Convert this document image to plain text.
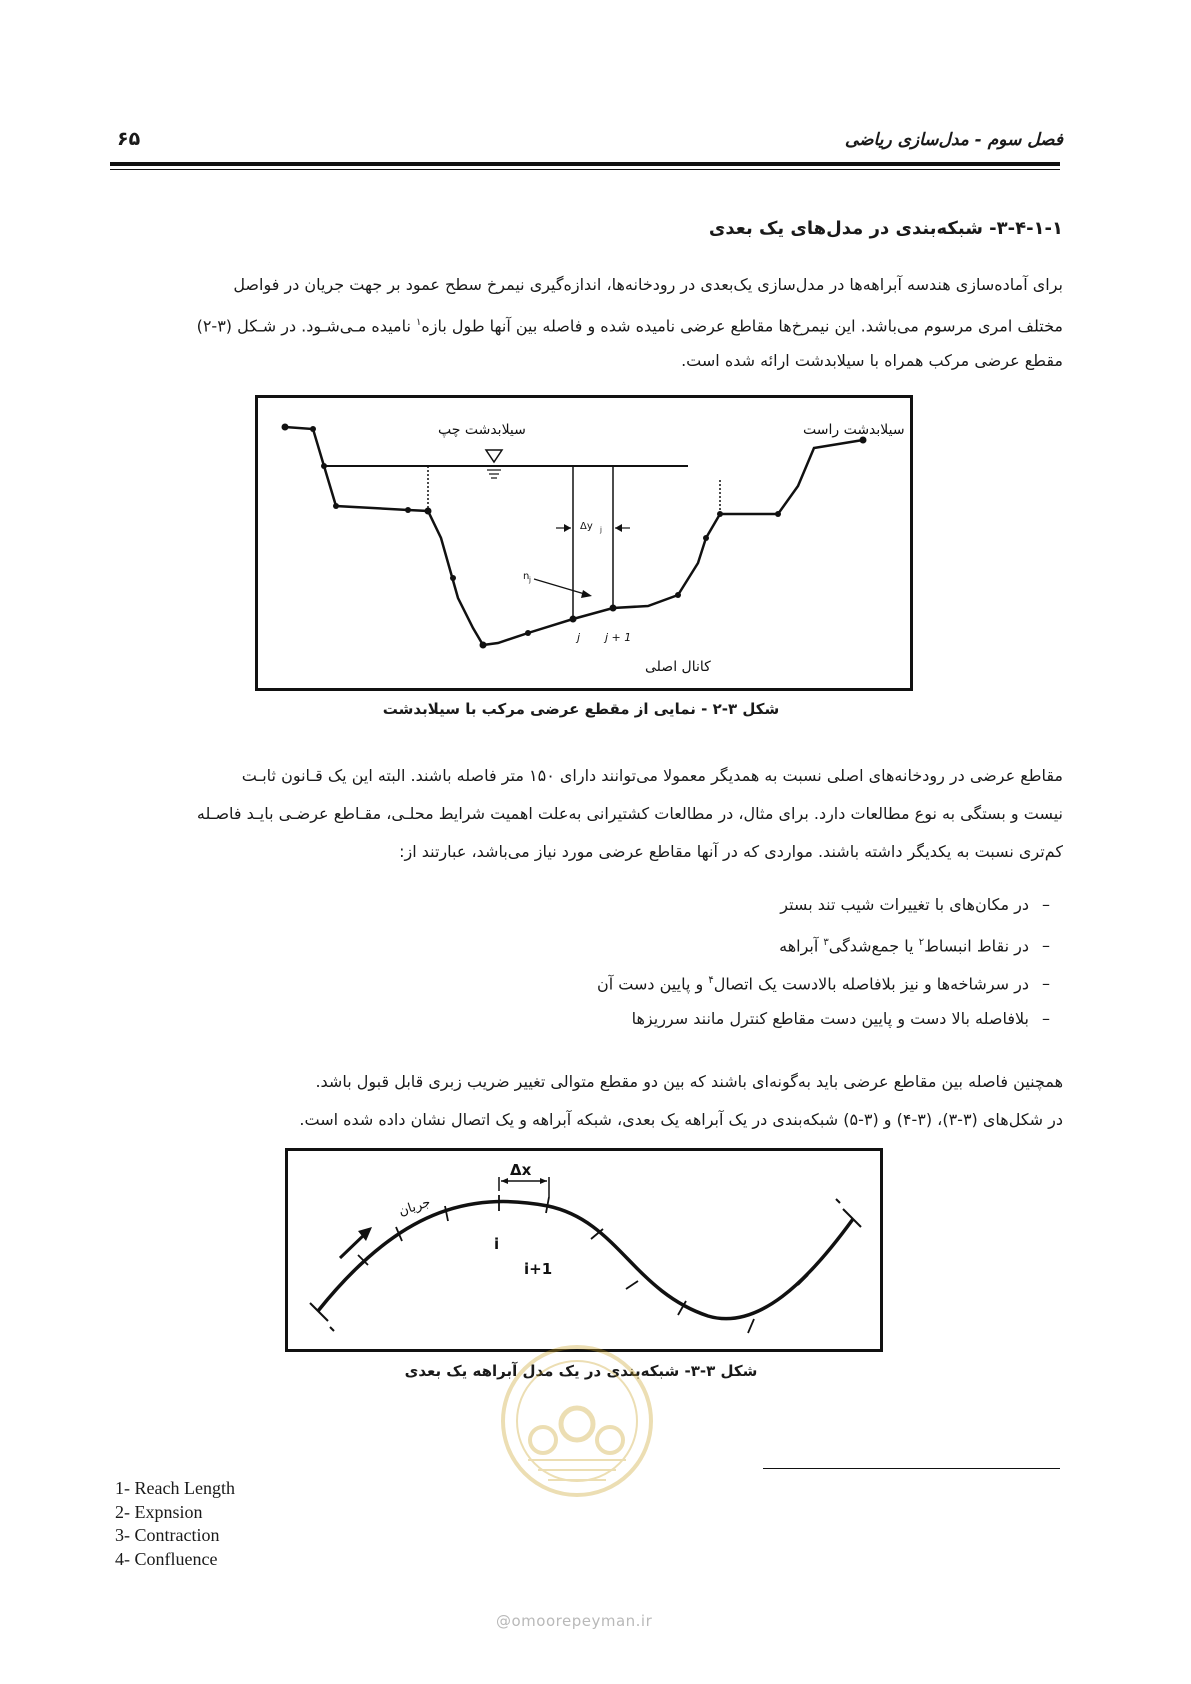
فصل سوم - مدل‌سازی ریاضی
۶۵
۳-۴-۱-۱- شبکه‌بندی در مدل‌های یک بعدی
برای آماده‌سازی هندسه آبراهه‌ها در مدل‌سازی یک‌بعدی در رودخانه‌ها، اندازه‌گیری نیمرخ سطح عمود بر جهت جریان در فواصل
مختلف امری مرسوم می‌باشد. این نیمرخ‌ها مقاطع عرضی نامیده شده و فاصله بین آنها طول بازه$^۱$ نامیده مـی‌شـود. در شـکل (۳-۲)
مقطع عرضی مرکب همراه با سیلابدشت ارائه شده است.
Δy j
n j
j j + 1
سیلابدشت چپ	سیلابدشت راست
کانال اصلی
شکل ۳-۲ - نمایی از مقطع عرضی مرکب با سیلابدشت
مقاطع عرضی در رودخانه‌های اصلی نسبت به همدیگر معمولا می‌توانند دارای ۱۵۰ متر فاصله باشند. البته این یک قـانون ثابـت
نیست و بستگی به نوع مطالعات دارد. برای مثال، در مطالعات کشتیرانی به‌علت اهمیت شرایط محلـی، مقـاطع عرضـی بایـد فاصـله
کم‌تری نسبت به یکدیگر داشته باشند. مواردی که در آنها مقاطع عرضی مورد نیاز می‌باشد، عبارتند از:
–در مکان‌های با تغییرات شیب تند بستر
–در نقاط انبساط$^۲$ یا جمع‌شدگی$^۳$ آبراهه
–در سرشاخه‌ها و نیز بلافاصله بالادست یک اتصال$^۴$ و پایین دست آن
–بلافاصله بالا دست و پایین دست مقاطع کنترل مانند سرریزها
همچنین فاصله بین مقاطع عرضی باید به‌گونه‌ای باشند که بین دو مقطع متوالی تغییر ضریب زبری قابل قبول باشد.
در شکل‌های (۳-۳)، (۳-۴) و (۳-۵) شبکه‌بندی در یک آبراهه یک بعدی، شبکه آبراهه و یک اتصال نشان داده شده است.
Δx
i
i+1
جریان
شکل ۳-۳- شبکه‌بندی در یک مدل آبراهه یک بعدی
1- Reach Length
2- Expnsion
3- Contraction
4- Confluence
@omoorepeyman.ir
